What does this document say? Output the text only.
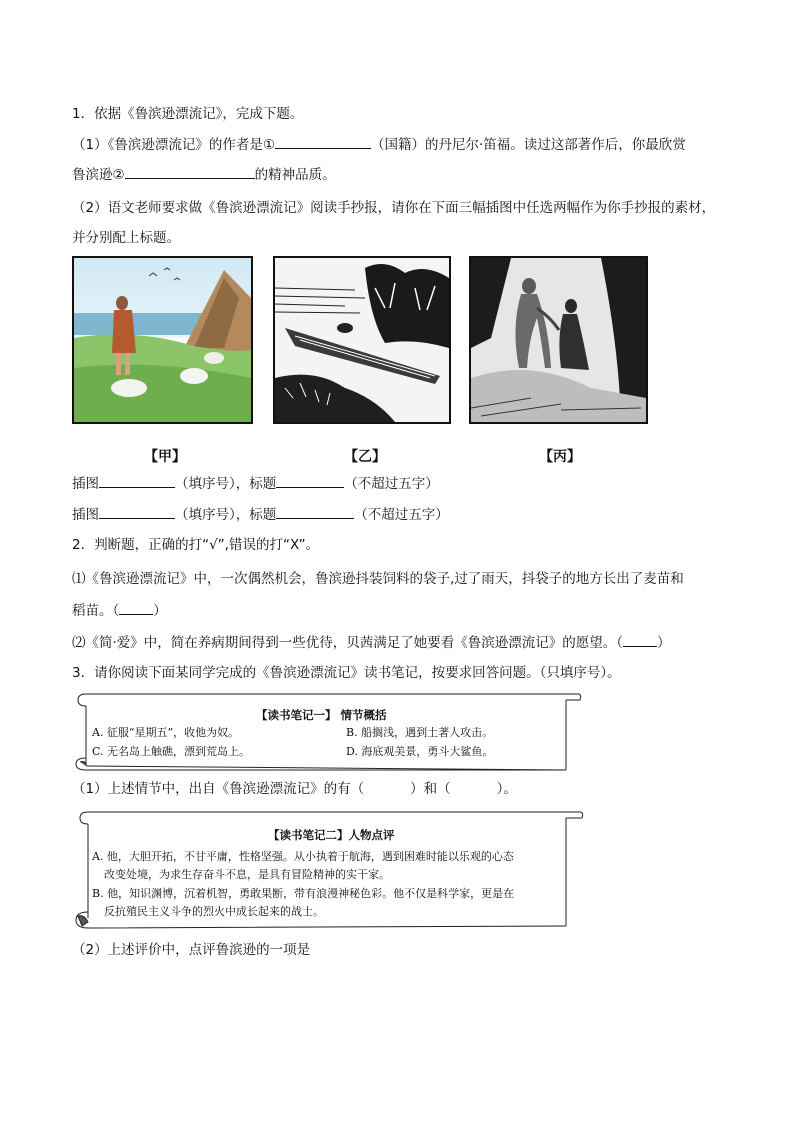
1．依据《鲁滨逊漂流记》，完成下题。
（1）《鲁滨逊漂流记》的作者是①	（国籍）的丹尼尔·笛福。读过这部著作后，你最欣赏
鲁滨逊②	的精神品质。
（2）语文老师要求做《鲁滨逊漂流记》阅读手抄报，请你在下面三幅插图中任选两幅作为你手抄报的素材，
并分别配上标题。
【甲】	【乙】	【丙】
插图	（填序号），标题	（不超过五字）
插图	（填序号），标题	（不超过五字）
2．判断题，正确的打“√”,错误的打“X”。
⑴《鲁滨逊漂流记》中，一次偶然机会，鲁滨逊抖装饲料的袋子,过了雨天，抖袋子的地方长出了麦苗和
稻苗。（	）
⑵《简·爱》中，简在养病期间得到一些优待，贝茜满足了她要看《鲁滨逊漂流记》的愿望。（	）
3．请你阅读下面某同学完成的《鲁滨逊漂流记》读书笔记，按要求回答问题。（只填序号）。
【读书笔记一】 情节概括
A. 征服“星期五”，收他为奴。	B. 船搁浅，遇到土著人攻击。
C. 无名岛上触礁，漂到荒岛上。	D. 海底观美景，勇斗大鲨鱼。
（1）上述情节中，出自《鲁滨逊漂流记》的有（	）和（	）。
【读书笔记二】人物点评
A. 他，大胆开拓，不甘平庸，性格坚强。从小执着于航海，遇到困难时能以乐观的心态
改变处境，为求生存奋斗不息，是具有冒险精神的实干家。
B. 他，知识渊博，沉着机智，勇敢果断，带有浪漫神秘色彩。他不仅是科学家，更是在
反抗殖民主义斗争的烈火中成长起来的战士。
（2）上述评价中，点评鲁滨逊的一项是
